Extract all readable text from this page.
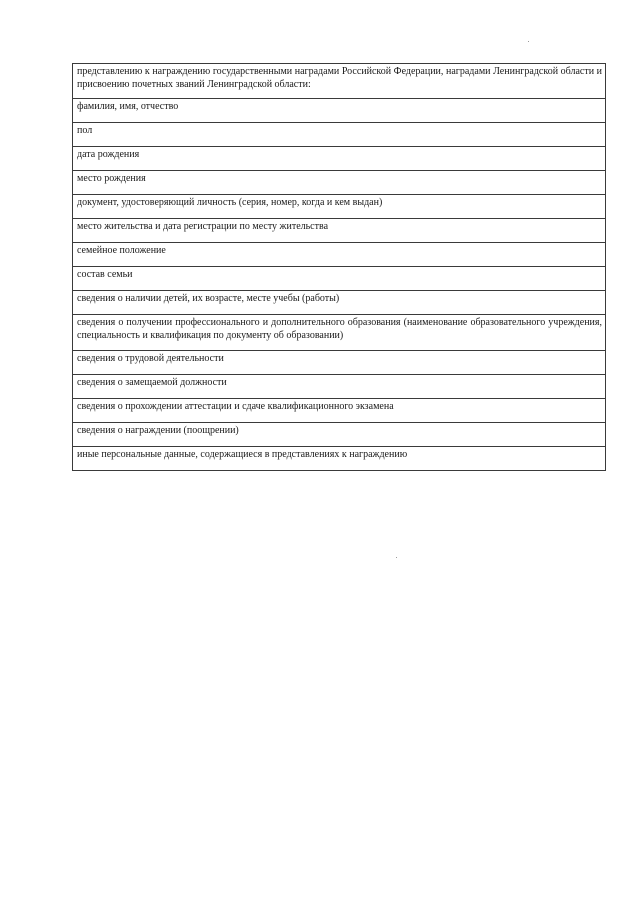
представлению к награждению государственными наградами Российской Федерации, наградами Ленинградской области и присвоению почетных званий Ленинградской области:
фамилия, имя, отчество
пол
дата рождения
место рождения
документ, удостоверяющий личность (серия, номер, когда и кем выдан)
место жительства и дата регистрации по месту жительства
семейное положение
состав семьи
сведения о наличии детей, их возрасте, месте учебы (работы)
сведения о получении профессионального и дополнительного образования (наименование образовательного учреждения, специальность и квалификация по документу об образовании)
сведения о трудовой деятельности
сведения о замещаемой должности
сведения о прохождении аттестации и сдаче квалификационного экзамена
сведения о награждении (поощрении)
иные персональные данные, содержащиеся в представлениях к награждению
